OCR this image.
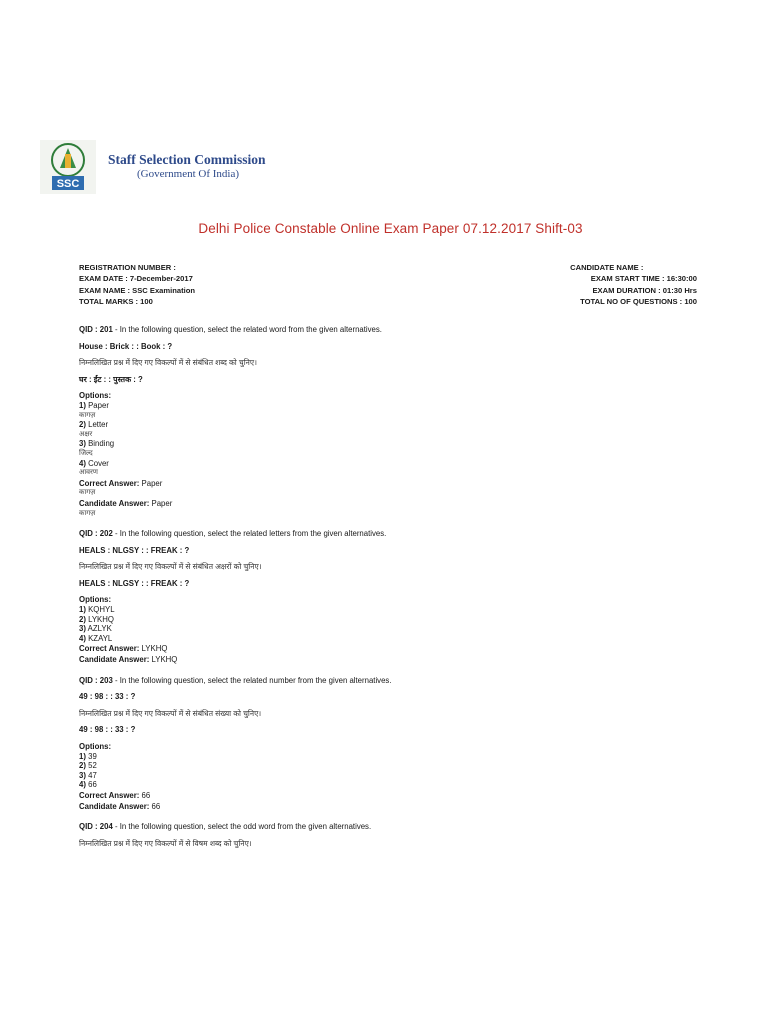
SSC
Staff Selection Commission
(Government Of India)
Delhi Police Constable Online Exam Paper 07.12.2017 Shift-03
REGISTRATION NUMBER :
EXAM DATE : 7-December-2017
EXAM NAME : SSC Examination
TOTAL MARKS : 100
CANDIDATE NAME :
EXAM START TIME : 16:30:00
EXAM DURATION : 01:30 Hrs
TOTAL NO OF QUESTIONS : 100

QID : 201 - In the following question, select the related word from the given alternatives.

House : Brick : : Book : ?

निम्नलिखित प्रश्न में दिए गए विकल्पों में से संबंधित शब्द को चुनिए।

घर : ईंट : : पुस्तक : ?

Options:

1) Paper

कागज़

2) Letter

अक्षर

3) Binding

जिल्द

4) Cover

आवरण

Correct Answer: Paper

कागज़

Candidate Answer: Paper

कागज़

QID : 202 - In the following question, select the related letters from the given alternatives.

HEALS : NLGSY : : FREAK : ?

निम्नलिखित प्रश्न में दिए गए विकल्पों में से संबंधित अक्षरों को चुनिए।

HEALS : NLGSY : : FREAK : ?

Options:

1) KQHYL

2) LYKHQ

3) AZLYK

4) KZAYL

Correct Answer: LYKHQ

Candidate Answer: LYKHQ

QID : 203 - In the following question, select the related number from the given alternatives.

49 : 98 : : 33 : ?

निम्नलिखित प्रश्न में दिए गए विकल्पों में से संबंधित संख्या को चुनिए।

49 : 98 : : 33 : ?

Options:

1) 39

2) 52

3) 47

4) 66

Correct Answer: 66

Candidate Answer: 66

QID : 204 - In the following question, select the odd word from the given alternatives.

निम्नलिखित प्रश्न में दिए गए विकल्पों में से विषम शब्द को चुनिए।
